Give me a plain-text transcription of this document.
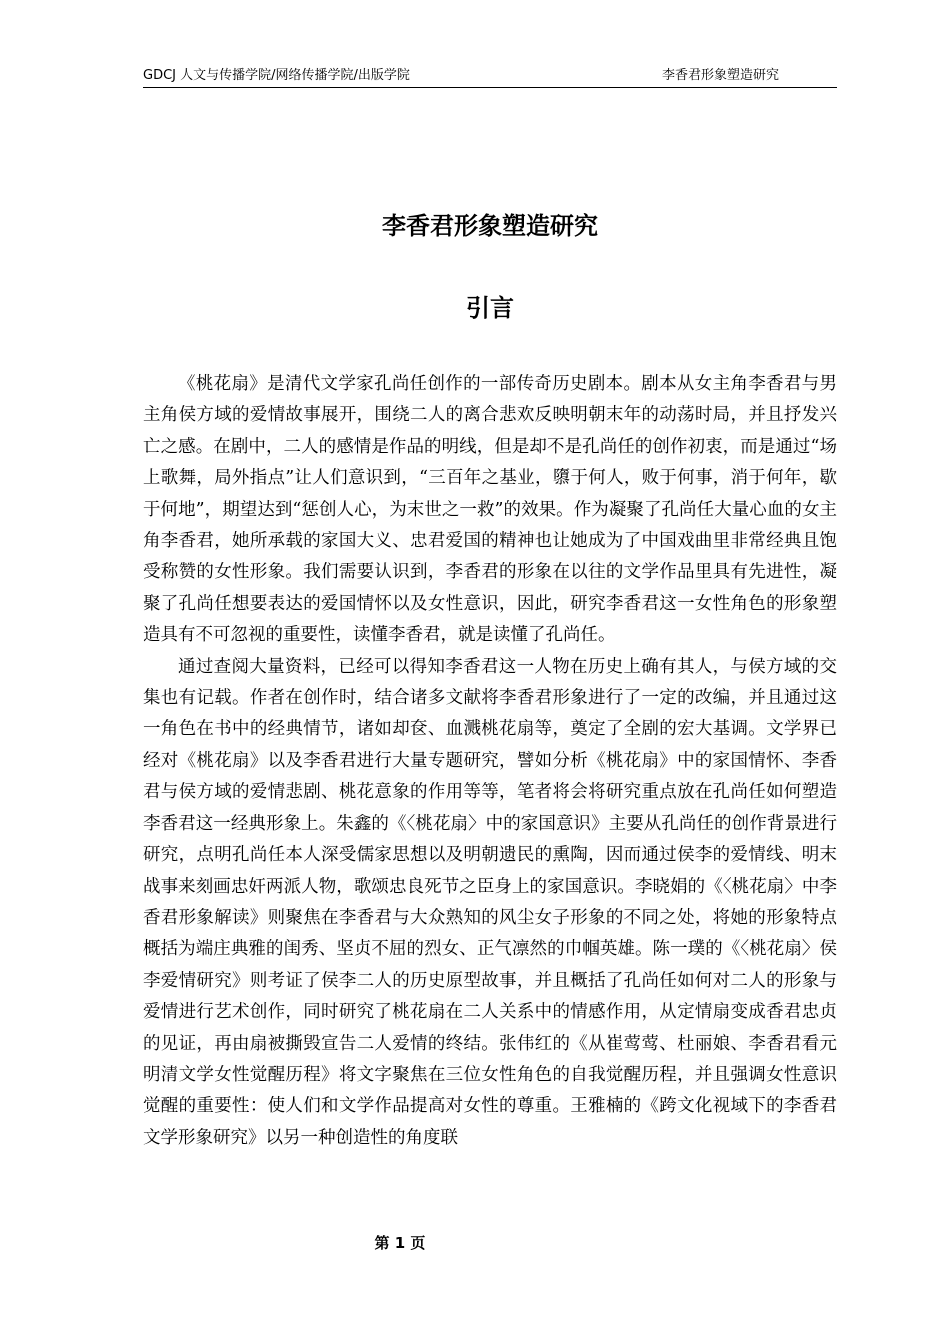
GDCJ 人文与传播学院/网络传播学院/出版学院	李香君形象塑造研究
李香君形象塑造研究
引言

《桃花扇》是清代文学家孔尚任创作的一部传奇历史剧本。剧本从女主角李香君与男主角侯方域的爱情故事展开，围绕二人的离合悲欢反映明朝末年的动荡时局，并且抒发兴亡之感。在剧中，二人的感情是作品的明线，但是却不是孔尚任的创作初衷，而是通过“场上歌舞，局外指点”让人们意识到，“三百年之基业，隳于何人，败于何事，消于何年，歇于何地”，期望达到“惩创人心，为末世之一救”的效果。作为凝聚了孔尚任大量心血的女主角李香君，她所承载的家国大义、忠君爱国的精神也让她成为了中国戏曲里非常经典且饱受称赞的女性形象。我们需要认识到，李香君的形象在以往的文学作品里具有先进性，凝聚了孔尚任想要表达的爱国情怀以及女性意识，因此，研究李香君这一女性角色的形象塑造具有不可忽视的重要性，读懂李香君，就是读懂了孔尚任。

通过查阅大量资料，已经可以得知李香君这一人物在历史上确有其人，与侯方域的交集也有记载。作者在创作时，结合诸多文献将李香君形象进行了一定的改编，并且通过这一角色在书中的经典情节，诸如却奁、血溅桃花扇等，奠定了全剧的宏大基调。文学界已经对《桃花扇》以及李香君进行大量专题研究，譬如分析《桃花扇》中的家国情怀、李香君与侯方域的爱情悲剧、桃花意象的作用等等，笔者将会将研究重点放在孔尚任如何塑造李香君这一经典形象上。朱鑫的《〈桃花扇〉中的家国意识》主要从孔尚任的创作背景进行研究，点明孔尚任本人深受儒家思想以及明朝遗民的熏陶，因而通过侯李的爱情线、明末战事来刻画忠奸两派人物，歌颂忠良死节之臣身上的家国意识。李晓娟的《〈桃花扇〉中李香君形象解读》则聚焦在李香君与大众熟知的风尘女子形象的不同之处，将她的形象特点概括为端庄典雅的闺秀、坚贞不屈的烈女、正气凛然的巾帼英雄。陈一璞的《〈桃花扇〉侯李爱情研究》则考证了侯李二人的历史原型故事，并且概括了孔尚任如何对二人的形象与爱情进行艺术创作，同时研究了桃花扇在二人关系中的情感作用，从定情扇变成香君忠贞的见证，再由扇被撕毁宣告二人爱情的终结。张伟红的《从崔莺莺、杜丽娘、李香君看元明清文学女性觉醒历程》将文字聚焦在三位女性角色的自我觉醒历程，并且强调女性意识觉醒的重要性：使人们和文学作品提高对女性的尊重。王雅楠的《跨文化视域下的李香君文学形象研究》以另一种创造性的角度联

第 1 页
